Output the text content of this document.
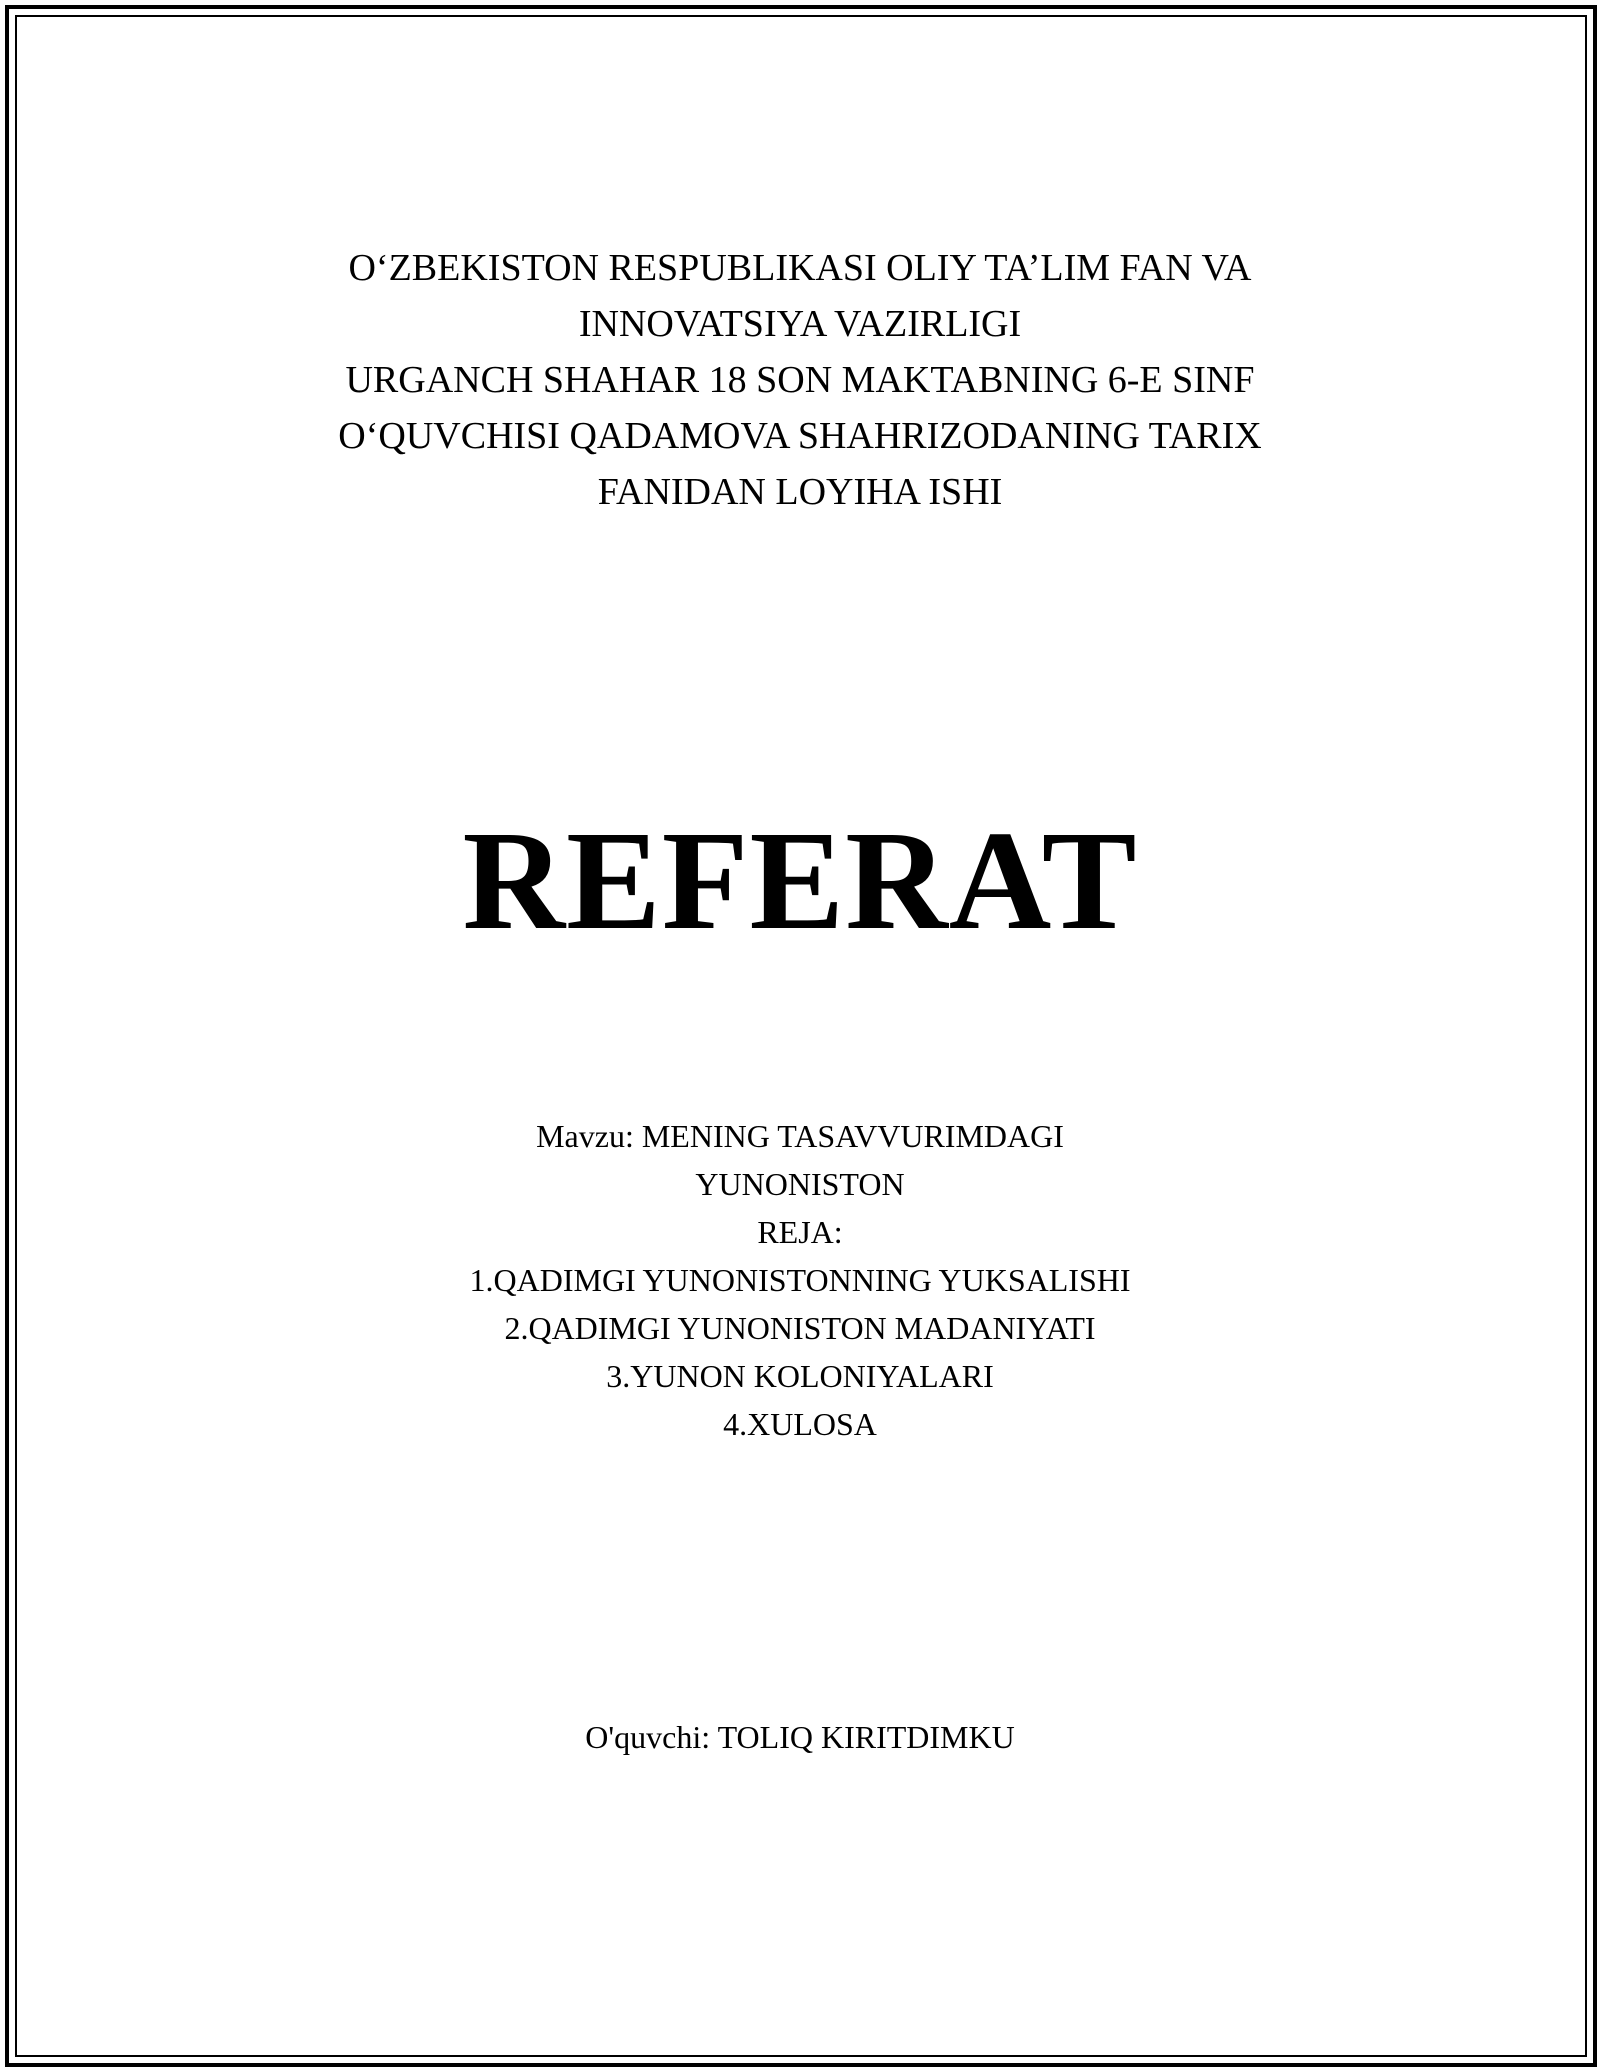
O‘ZBEKISTON RESPUBLIKASI OLIY TA’LIM FAN VA
INNOVATSIYA VAZIRLIGI
URGANCH SHAHAR 18 SON MAKTABNING 6-E SINF
O‘QUVCHISI QADAMOVA SHAHRIZODANING TARIX
FANIDAN LOYIHA ISHI
REFERAT
Mavzu: MENING TASAVVURIMDAGI
YUNONISTON
REJA:
1.QADIMGI YUNONISTONNING YUKSALISHI
2.QADIMGI YUNONISTON MADANIYATI
3.YUNON KOLONIYALARI
4.XULOSA
O'quvchi: TOLIQ KIRITDIMKU
